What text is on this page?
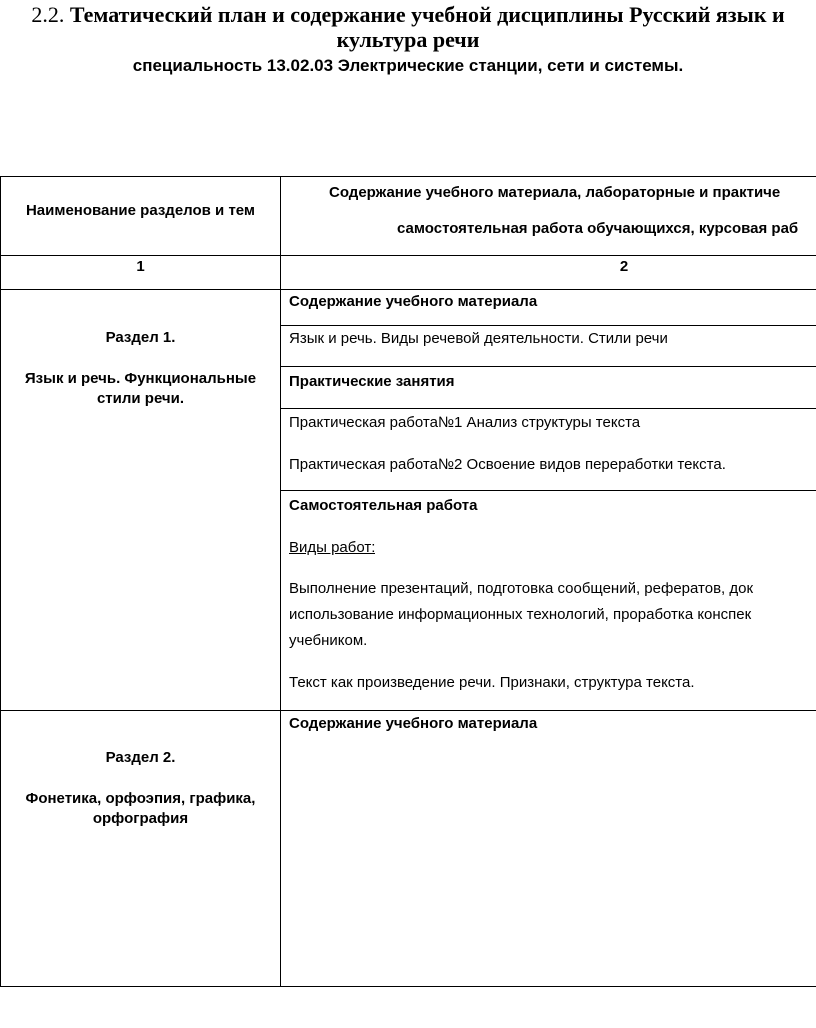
2.2. Тематический план и содержание учебной дисциплины Русский язык и
культура речи
специальность 13.02.03 Электрические станции, сети и системы.
Наименование разделов и тем
Содержание учебного материала, лабораторные и практиче
самостоятельная работа обучающихся, курсовая раб
1	2
Раздел 1.
Язык и речь. Функциональные
стили речи.
Содержание учебного материала
Язык и речь. Виды речевой деятельности. Стили речи
Практические занятия
Практическая работа№1 Анализ структуры текста
Практическая работа№2 Освоение видов переработки текста.
Самостоятельная работа
Виды работ:
Выполнение презентаций, подготовка сообщений, рефератов, док
использование информационных технологий, проработка конспек
учебником.
Текст как произведение речи. Признаки, структура текста.
Раздел 2.
Фонетика, орфоэпия, графика,
орфография
Содержание учебного материала
